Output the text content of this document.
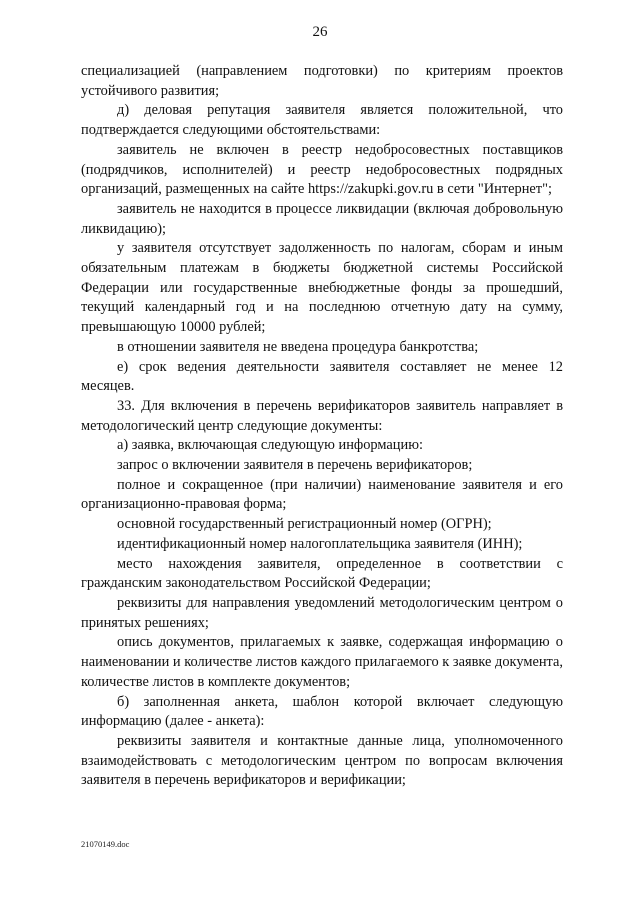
26

специализацией (направлением подготовки) по критериям проектов устойчивого развития;

д) деловая репутация заявителя является положительной, что подтверждается следующими обстоятельствами:

заявитель не включен в реестр недобросовестных поставщиков (подрядчиков, исполнителей) и реестр недобросовестных подрядных организаций, размещенных на сайте https://zakupki.gov.ru в сети "Интернет";

заявитель не находится в процессе ликвидации (включая добровольную ликвидацию);

у заявителя отсутствует задолженность по налогам, сборам и иным обязательным платежам в бюджеты бюджетной системы Российской Федерации или государственные внебюджетные фонды за прошедший, текущий календарный год и на последнюю отчетную дату на сумму, превышающую 10000 рублей;

в отношении заявителя не введена процедура банкротства;

е) срок ведения деятельности заявителя составляет не менее 12 месяцев.

33. Для включения в перечень верификаторов заявитель направляет в методологический центр следующие документы:

а) заявка, включающая следующую информацию:

запрос о включении заявителя в перечень верификаторов;

полное и сокращенное (при наличии) наименование заявителя и его организационно-правовая форма;

основной государственный регистрационный номер (ОГРН);

идентификационный номер налогоплательщика заявителя (ИНН);

место нахождения заявителя, определенное в соответствии с гражданским законодательством Российской Федерации;

реквизиты для направления уведомлений методологическим центром о принятых решениях;

опись документов, прилагаемых к заявке, содержащая информацию о наименовании и количестве листов каждого прилагаемого к заявке документа, количестве листов в комплекте документов;

б) заполненная анкета, шаблон которой включает следующую информацию (далее - анкета):

реквизиты заявителя и контактные данные лица, уполномоченного взаимодействовать с методологическим центром по вопросам включения заявителя в перечень верификаторов и верификации;

21070149.doc
